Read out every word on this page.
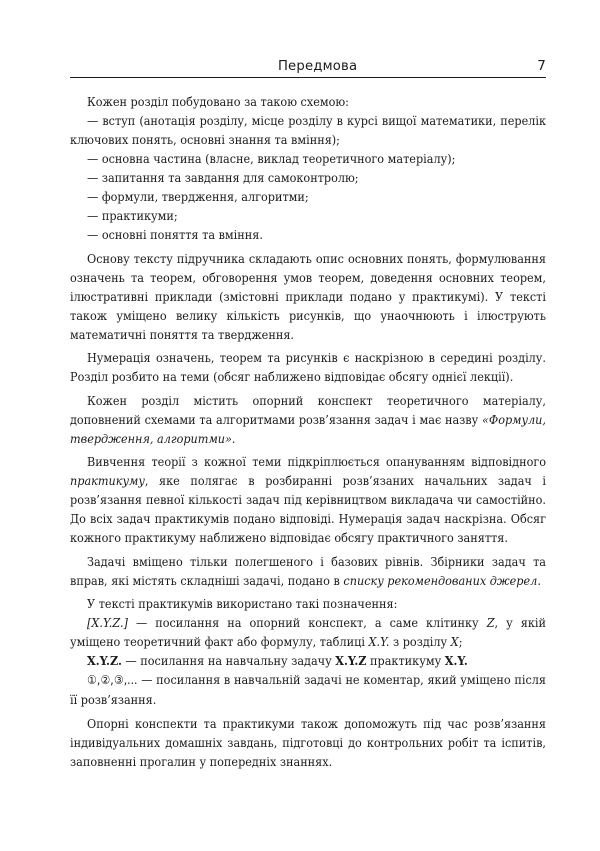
Передмова	7

Кожен розділ побудовано за такою схемою:

— вступ (анотація розділу, місце розділу в курсі вищої математики, перелік ключових понять, основні знання та вміння);

— основна частина (власне, виклад теоретичного матеріалу);

— запитання та завдання для самоконтролю;

— формули, твердження, алгоритми;

— практикуми;

— основні поняття та вміння.

Основу тексту підручника складають опис основних понять, формулювання означень та теорем, обговорення умов теорем, доведення основних теорем, ілюстративні приклади (змістовні приклади подано у практикумі). У тексті також уміщено велику кількість рисунків, що унаочнюють і ілюструють математичні поняття та твердження.

Нумерація означень, теорем та рисунків є наскрізною в середині розділу. Розділ розбито на теми (обсяг наближено відповідає обсягу однієї лекції).

Кожен розділ містить опорний конспект теоретичного матеріалу, доповнений схемами та алгоритмами розв’язання задач і має назву «Формули, твердження, алгоритми».

Вивчення теорії з кожної теми підкріплюється опануванням відповідного практикуму, яке полягає в розбиранні розв’язаних начальних задач і розв’язання певної кількості задач під керівництвом викладача чи самостійно. До всіх задач практикумів подано відповіді. Нумерація задач наскрізна. Обсяг кожного практикуму наближено відповідає обсягу практичного заняття.

Задачі вміщено тільки полегшеного і базових рівнів. Збірники задач та вправ, які містять складніші задачі, подано в списку рекомендованих джерел.

У тексті практикумів використано такі позначення:

[X.Y.Z.] — посилання на опорний конспект, а саме клітинку Z, у якій уміщено теоретичний факт або формулу, таблиці X.Y. з розділу X;

X.Y.Z. — посилання на навчальну задачу X.Y.Z практикуму X.Y.

①,②,③,... — посилання в навчальній задачі не коментар, який уміщено після її розв’язання.

Опорні конспекти та практикуми також допоможуть під час розв’язання індивідуальних домашніх завдань, підготовці до контрольних робіт та іспитів, заповненні прогалин у попередніх знаннях.
